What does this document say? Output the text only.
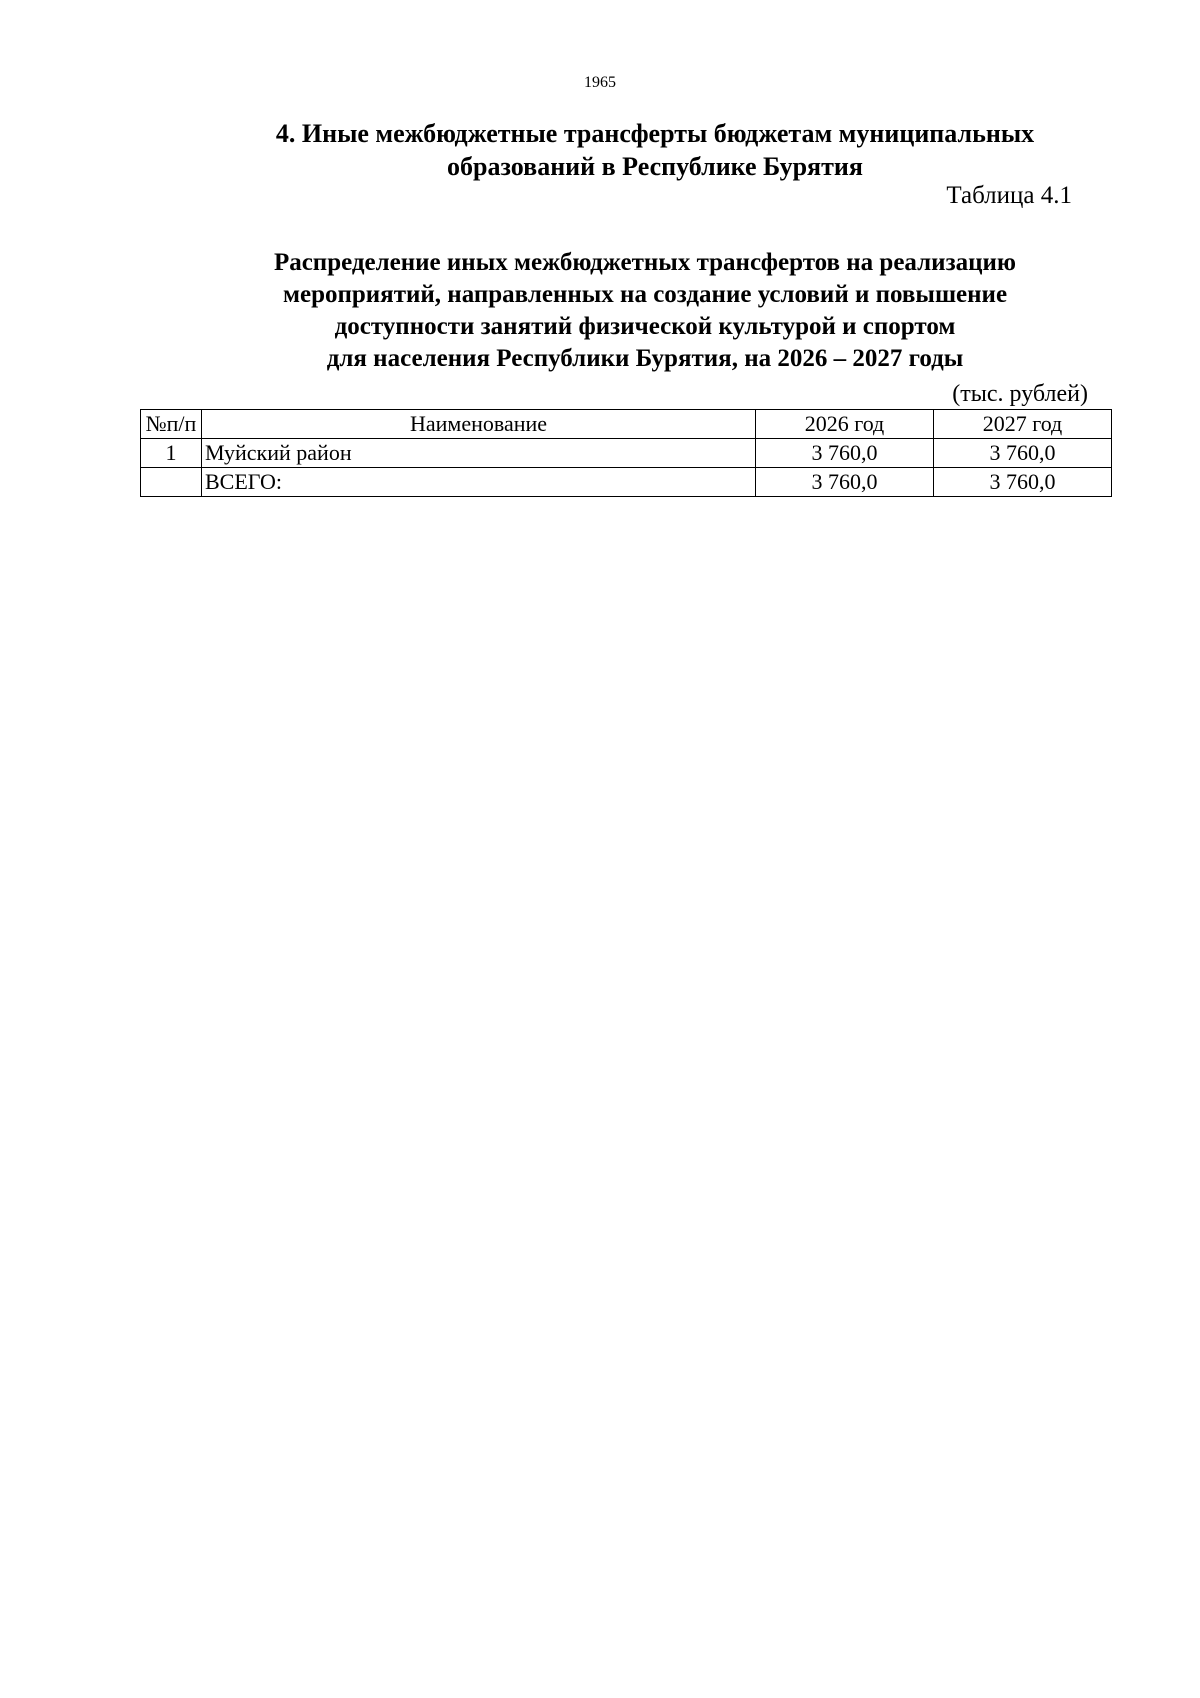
1965
4. Иные межбюджетные трансферты бюджетам муниципальных
образований в Республике Бурятия
Таблица 4.1
Распределение иных межбюджетных трансфертов на реализацию
мероприятий, направленных на создание условий и повышение
доступности занятий физической культурой и спортом
для населения Республики Бурятия, на 2026 – 2027 годы
(тыс. рублей)
№п/п	Наименование	2026 год	2027 год
1	Муйский район	3 760,0	3 760,0
	ВСЕГО:	3 760,0	3 760,0
